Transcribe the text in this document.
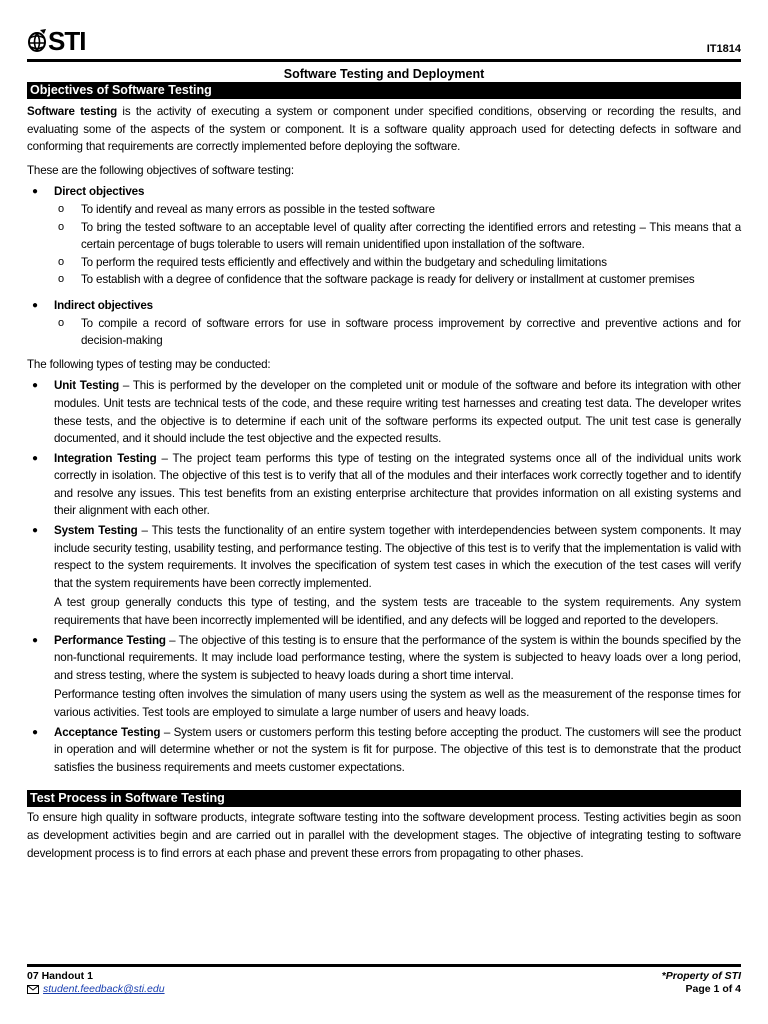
STI	IT1814
Software Testing and Deployment
Objectives of Software Testing

Software testing is the activity of executing a system or component under specified conditions, observing or recording the results, and evaluating some of the aspects of the system or component. It is a software quality approach used for detecting defects in software and conforming that requirements are correctly implemented before deploying the software.

These are the following objectives of software testing:

● Direct objectives
o To identify and reveal as many errors as possible in the tested software
o To bring the tested software to an acceptable level of quality after correcting the identified errors and retesting – This means that a certain percentage of bugs tolerable to users will remain unidentified upon installation of the software.
o To perform the required tests efficiently and effectively and within the budgetary and scheduling limitations
o To establish with a degree of confidence that the software package is ready for delivery or installment at customer premises
● Indirect objectives
o To compile a record of software errors for use in software process improvement by corrective and preventive actions and for decision-making

The following types of testing may be conducted:

● Unit Testing – This is performed by the developer on the completed unit or module of the software and before its integration with other modules. Unit tests are technical tests of the code, and these require writing test harnesses and creating test data. The developer writes these tests, and the objective is to determine if each unit of the software performs its expected output. The unit test case is generally documented, and it should include the test objective and the expected results.
● Integration Testing – The project team performs this type of testing on the integrated systems once all of the individual units work correctly in isolation. The objective of this test is to verify that all of the modules and their interfaces work correctly together and to identify and resolve any issues. This test benefits from an existing enterprise architecture that provides information on all existing systems and their alignment with each other.
● System Testing – This tests the functionality of an entire system together with interdependencies between system components. It may include security testing, usability testing, and performance testing. The objective of this test is to verify that the implementation is valid with respect to the system requirements. It involves the specification of system test cases in which the execution of the test cases will verify that the system requirements have been correctly implemented.

A test group generally conducts this type of testing, and the system tests are traceable to the system requirements. Any system requirements that have been incorrectly implemented will be identified, and any defects will be logged and reported to the developers.

● Performance Testing – The objective of this testing is to ensure that the performance of the system is within the bounds specified by the non-functional requirements. It may include load performance testing, where the system is subjected to heavy loads over a long period, and stress testing, where the system is subjected to heavy loads during a short time interval.

Performance testing often involves the simulation of many users using the system as well as the measurement of the response times for various activities. Test tools are employed to simulate a large number of users and heavy loads.

● Acceptance Testing – System users or customers perform this testing before accepting the product. The customers will see the product in operation and will determine whether or not the system is fit for purpose. The objective of this test is to demonstrate that the product satisfies the business requirements and meets customer expectations.
Test Process in Software Testing

To ensure high quality in software products, integrate software testing into the software development process. Testing activities begin as soon as development activities begin and are carried out in parallel with the development stages. The objective of integrating testing to software development process is to find errors at each phase and prevent these errors from propagating to other phases.

07 Handout 1	*Property of STI
student.feedback@sti.edu	Page 1 of 4
